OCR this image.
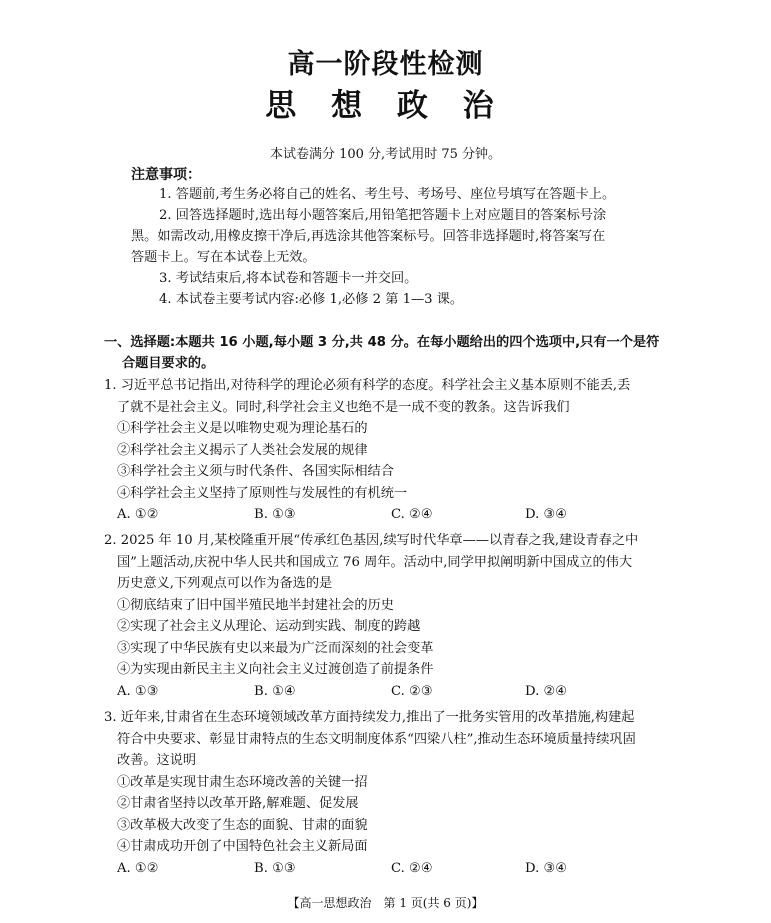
高一阶段性检测
思 想 政 治
本试卷满分 100 分,考试用时 75 分钟。
注意事项：
1. 答题前,考生务必将自己的姓名、考生号、考场号、座位号填写在答题卡上。
2. 回答选择题时,选出每小题答案后,用铅笔把答题卡上对应题目的答案标号涂
黑。如需改动,用橡皮擦干净后,再选涂其他答案标号。回答非选择题时,将答案写在
答题卡上。写在本试卷上无效。
3. 考试结束后,将本试卷和答题卡一并交回。
4. 本试卷主要考试内容:必修 1,必修 2 第 1—3 课。
一、选择题:本题共 16 小题,每小题 3 分,共 48 分。在每小题给出的四个选项中,只有一个是符
合题目要求的。
1. 习近平总书记指出,对待科学的理论必须有科学的态度。科学社会主义基本原则不能丢,丢
了就不是社会主义。同时,科学社会主义也绝不是一成不变的教条。这告诉我们
①科学社会主义是以唯物史观为理论基石的
②科学社会主义揭示了人类社会发展的规律
③科学社会主义须与时代条件、各国实际相结合
④科学社会主义坚持了原则性与发展性的有机统一
A. ①②	B. ①③	C. ②④	D. ③④
2. 2025 年 10 月,某校隆重开展“传承红色基因,续写时代华章——以青春之我,建设青春之中
国”上题活动,庆祝中华人民共和国成立 76 周年。活动中,同学甲拟阐明新中国成立的伟大
历史意义,下列观点可以作为备选的是
①彻底结束了旧中国半殖民地半封建社会的历史
②实现了社会主义从理论、运动到实践、制度的跨越
③实现了中华民族有史以来最为广泛而深刻的社会变革
④为实现由新民主主义向社会主义过渡创造了前提条件
A. ①③	B. ①④	C. ②③	D. ②④
3. 近年来,甘肃省在生态环境领域改革方面持续发力,推出了一批务实管用的改革措施,构建起
符合中央要求、彰显甘肃特点的生态文明制度体系“四梁八柱”,推动生态环境质量持续巩固
改善。这说明
①改革是实现甘肃生态环境改善的关键一招
②甘肃省坚持以改革开路,解难题、促发展
③改革极大改变了生态的面貌、甘肃的面貌
④甘肃成功开创了中国特色社会主义新局面
A. ①②	B. ①③	C. ②④	D. ③④
【高一思想政治　第 1 页(共 6 页)】
